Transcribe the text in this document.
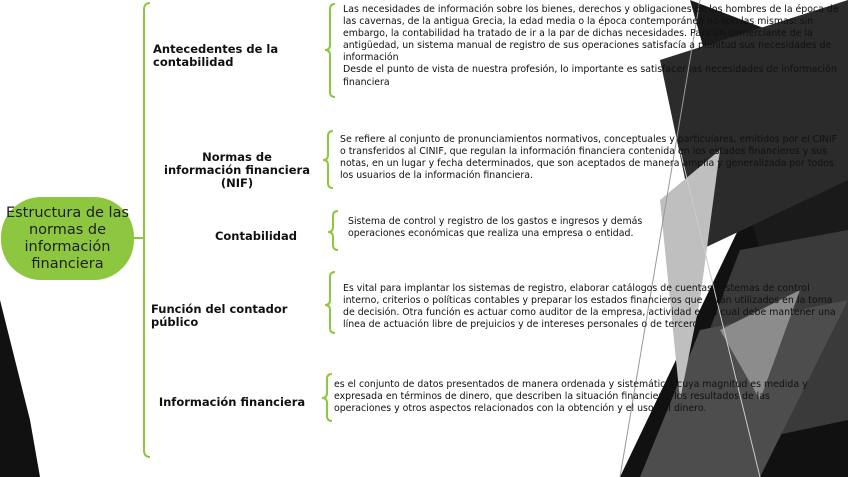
Estructura de las normas de información financiera
Antecedentes de la contabilidad

Las necesidades de información sobre los bienes, derechos y obligaciones de los hombres de la época de las cavernas, de la antigua Grecia, la edad media o la época contemporánea no son las mismas: sin embargo, la contabilidad ha tratado de ir a la par de dichas necesidades. Para un comerciante de la antigüedad, un sistema manual de registro de sus operaciones satisfacía a plenitud sus necesidades de información

Desde el punto de vista de nuestra profesión, lo importante es satisfacer las necesidades de información financiera

Normas de información financiera (NIF)

Se refiere al conjunto de pronunciamientos normativos, conceptuales y particulares, emitidos por el CINIF o transferidos al CINIF, que regulan la información financiera contenida en los estados financieros y sus notas, en un lugar y fecha determinados, que son aceptados de manera amplia y generalizada por todos los usuarios de la información financiera.

Contabilidad

Sistema de control y registro de los gastos e ingresos y demás operaciones económicas que realiza una empresa o entidad.

Función del contador público

Es vital para implantar los sistemas de registro, elaborar catálogos de cuentas, sistemas de control interno, criterios o políticas contables y preparar los estados financieros que serán utilizados en la toma de decisión. Otra función es actuar como auditor de la empresa, actividad en la cual debe mantener una línea de actuación libre de prejuicios y de intereses personales o de terceros.

Información financiera

es el conjunto de datos presentados de manera ordenada y sistemática, cuya magnitud es medida y expresada en términos de dinero, que describen la situación financiera, los resultados de las operaciones y otros aspectos relacionados con la obtención y el uso del dinero.
